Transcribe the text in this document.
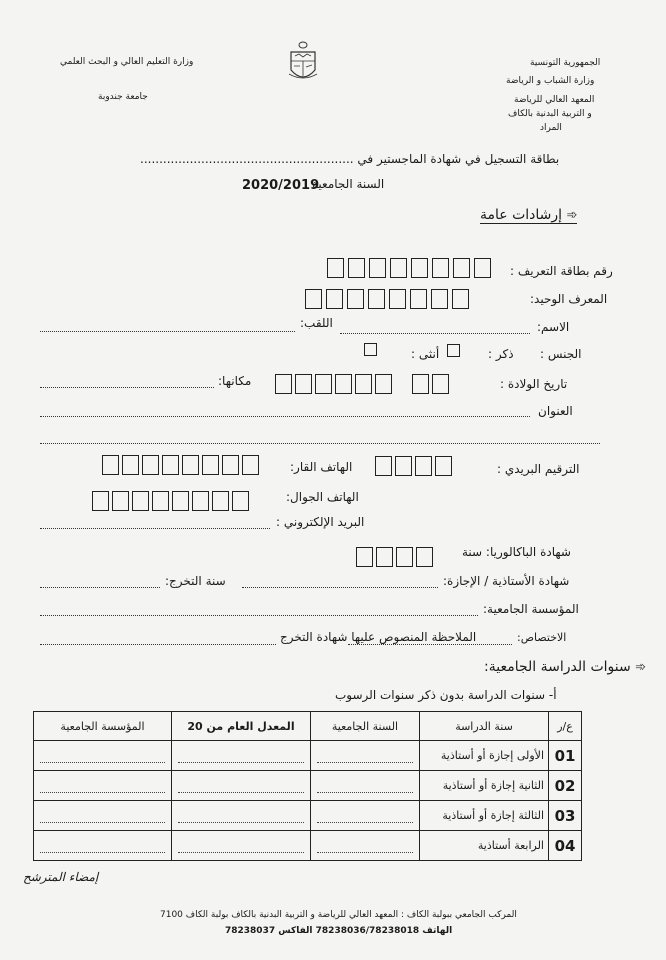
وزارة التعليم العالي و البحث العلمي
جامعة جندوبة
الجمهورية التونسية
وزارة الشباب و الرياضة
المعهد العالي للرياضة
و التربية البدنية بالكاف
المراد
بطاقة التسجيل في شهادة الماجستير في ........................................................
2020/2019
السنة الجامعية
➾ إرشادات عامة
رقم بطاقة التعريف :
المعرف الوحيد:
الاسم:
اللقب:
الجنس :
ذكر :
أنثى :
تاريخ الولادة :
مكانها:
العنوان
الترقيم البريدي :
الهاتف القار:
الهاتف الجوال:
البريد الإلكتروني :
شهادة الباكالوريا: سنة
شهادة الأستاذية / الإجازة:
سنة التخرج:
المؤسسة الجامعية:
الاختصاص:
الملاحظة المنصوص عليها شهادة التخرج
➾ سنوات الدراسة الجامعية:
أ- سنوات الدراسة بدون ذكر سنوات الرسوب
ع/ر	سنة الدراسة	السنة الجامعية	المعدل العام من 20	المؤسسة الجامعية
01	الأولى إجازة أو أستاذية	

02	الثانية إجازة أو أستاذية	

03	الثالثة إجازة أو أستاذية	

04	الرابعة أستاذية	

إمضاء المترشح
المركب الجامعي ببولبة الكاف : المعهد العالي للرياضة و التربية البدنية بالكاف بولبة الكاف 7100
الهاتف 78238036/78238018 الفاكس 78238037
